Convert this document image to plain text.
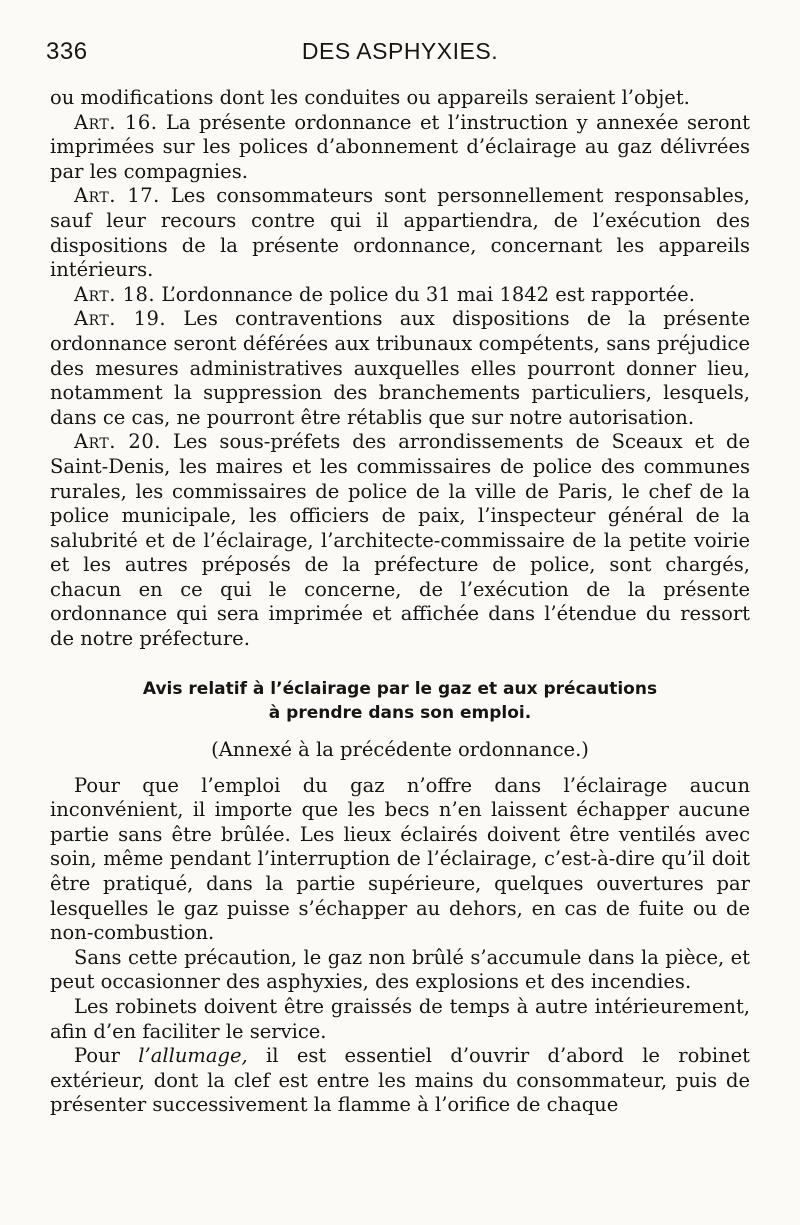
336	DES ASPHYXIES.

ou modifications dont les conduites ou appareils seraient l’objet.

Art. 16. La présente ordonnance et l’instruction y annexée seront imprimées sur les polices d’abonnement d’éclairage au gaz délivrées par les compagnies.

Art. 17. Les consommateurs sont personnellement responsables, sauf leur recours contre qui il appartiendra, de l’exécution des dispositions de la présente ordonnance, concernant les appareils intérieurs.

Art. 18. L’ordonnance de police du 31 mai 1842 est rapportée.

Art. 19. Les contraventions aux dispositions de la présente ordonnance seront déférées aux tribunaux compétents, sans préjudice des mesures administratives auxquelles elles pourront donner lieu, notamment la suppression des branchements particuliers, lesquels, dans ce cas, ne pourront être rétablis que sur notre autorisation.

Art. 20. Les sous-préfets des arrondissements de Sceaux et de Saint-Denis, les maires et les commissaires de police des communes rurales, les commissaires de police de la ville de Paris, le chef de la police municipale, les officiers de paix, l’inspecteur général de la salubrité et de l’éclairage, l’architecte-commissaire de la petite voirie et les autres préposés de la préfecture de police, sont chargés, chacun en ce qui le concerne, de l’exécution de la présente ordonnance qui sera imprimée et affichée dans l’étendue du ressort de notre préfecture.

Avis relatif à l’éclairage par le gaz et aux précautions
à prendre dans son emploi.
(Annexé à la précédente ordonnance.)

Pour que l’emploi du gaz n’offre dans l’éclairage aucun inconvénient, il importe que les becs n’en laissent échapper aucune partie sans être brûlée. Les lieux éclairés doivent être ventilés avec soin, même pendant l’interruption de l’éclairage, c’est-à-dire qu’il doit être pratiqué, dans la partie supérieure, quelques ouvertures par lesquelles le gaz puisse s’échapper au dehors, en cas de fuite ou de non-combustion.

Sans cette précaution, le gaz non brûlé s’accumule dans la pièce, et peut occasionner des asphyxies, des explosions et des incendies.

Les robinets doivent être graissés de temps à autre intérieurement, afin d’en faciliter le service.

Pour l’allumage, il est essentiel d’ouvrir d’abord le robinet extérieur, dont la clef est entre les mains du consommateur, puis de présenter successivement la flamme à l’orifice de chaque
